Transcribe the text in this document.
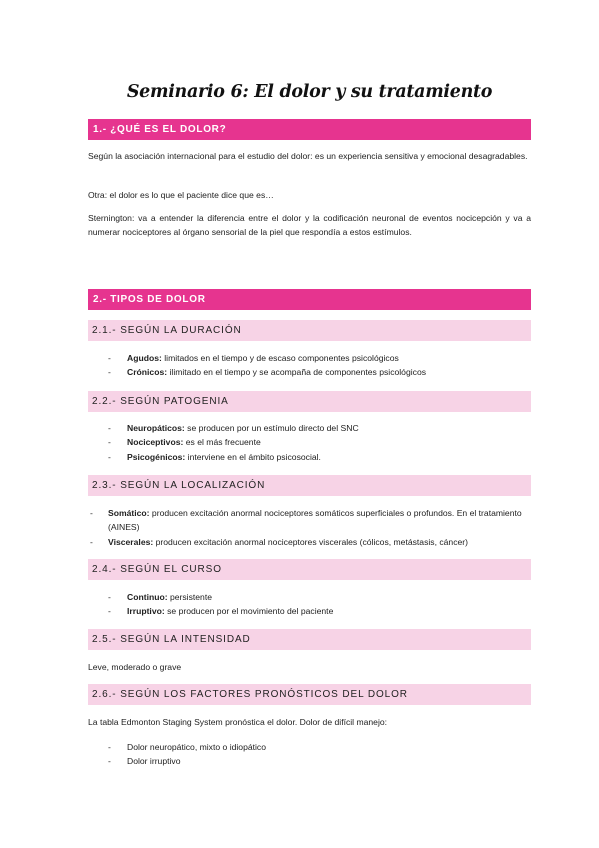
Seminario 6: El dolor y su tratamiento
1.- ¿QUÉ ES EL DOLOR?

Según la asociación internacional para el estudio del dolor: es un experiencia sensitiva y emocional desagradables.

Otra: el dolor es lo que el paciente dice que es…

Sternington: va a entender la diferencia entre el dolor y la codificación neuronal de eventos nocicepción y va a numerar nociceptores al órgano sensorial de la piel que respondía a estos estímulos.

2.- TIPOS DE DOLOR
2.1.- SEGÚN LA DURACIÓN
- Agudos: limitados en el tiempo y de escaso componentes psicológicos
- Crónicos: ilimitado en el tiempo y se acompaña de componentes psicológicos
2.2.- SEGÚN PATOGENIA
- Neuropáticos: se producen por un estímulo directo del SNC
- Nociceptivos: es el más frecuente
- Psicogénicos: interviene en el ámbito psicosocial.
2.3.- SEGÚN LA LOCALIZACIÓN
- Somático: producen excitación anormal nociceptores somáticos superficiales o profundos. En el tratamiento (AINES)
- Viscerales: producen excitación anormal nociceptores viscerales (cólicos, metástasis, cáncer)
2.4.- SEGÚN EL CURSO
- Continuo: persistente
- Irruptivo: se producen por el movimiento del paciente
2.5.- SEGÚN LA INTENSIDAD

Leve, moderado o grave

2.6.- SEGÚN LOS FACTORES PRONÓSTICOS DEL DOLOR

La tabla Edmonton Staging System pronóstica el dolor. Dolor de difícil manejo:

- Dolor neuropático, mixto o idiopático
- Dolor irruptivo
